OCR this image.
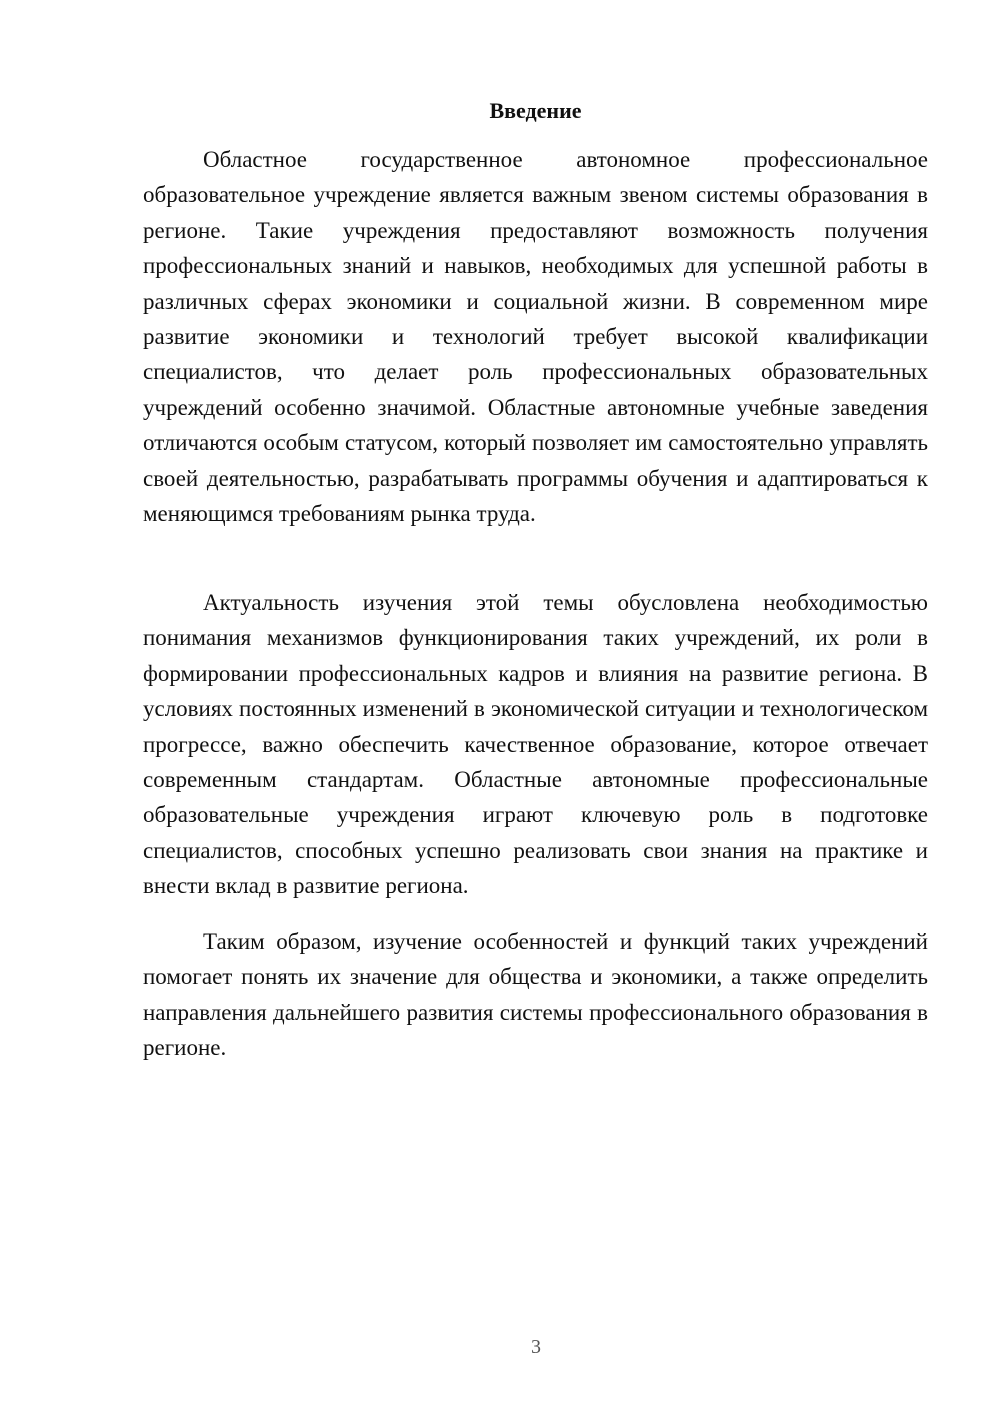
Введение

Областное государственное автономное профессиональное образовательное учреждение является важным звеном системы образования в регионе. Такие учреждения предоставляют возможность получения профессиональных знаний и навыков, необходимых для успешной работы в различных сферах экономики и социальной жизни. В современном мире развитие экономики и технологий требует высокой квалификации специалистов, что делает роль профессиональных образовательных учреждений особенно значимой. Областные автономные учебные заведения отличаются особым статусом, который позволяет им самостоятельно управлять своей деятельностью, разрабатывать программы обучения и адаптироваться к меняющимся требованиям рынка труда.

Актуальность изучения этой темы обусловлена необходимостью понимания механизмов функционирования таких учреждений, их роли в формировании профессиональных кадров и влияния на развитие региона. В условиях постоянных изменений в экономической ситуации и технологическом прогрессе, важно обеспечить качественное образование, которое отвечает современным стандартам. Областные автономные профессиональные образовательные учреждения играют ключевую роль в подготовке специалистов, способных успешно реализовать свои знания на практике и внести вклад в развитие региона.

Таким образом, изучение особенностей и функций таких учреждений помогает понять их значение для общества и экономики, а также определить направления дальнейшего развития системы профессионального образования в регионе.

3
